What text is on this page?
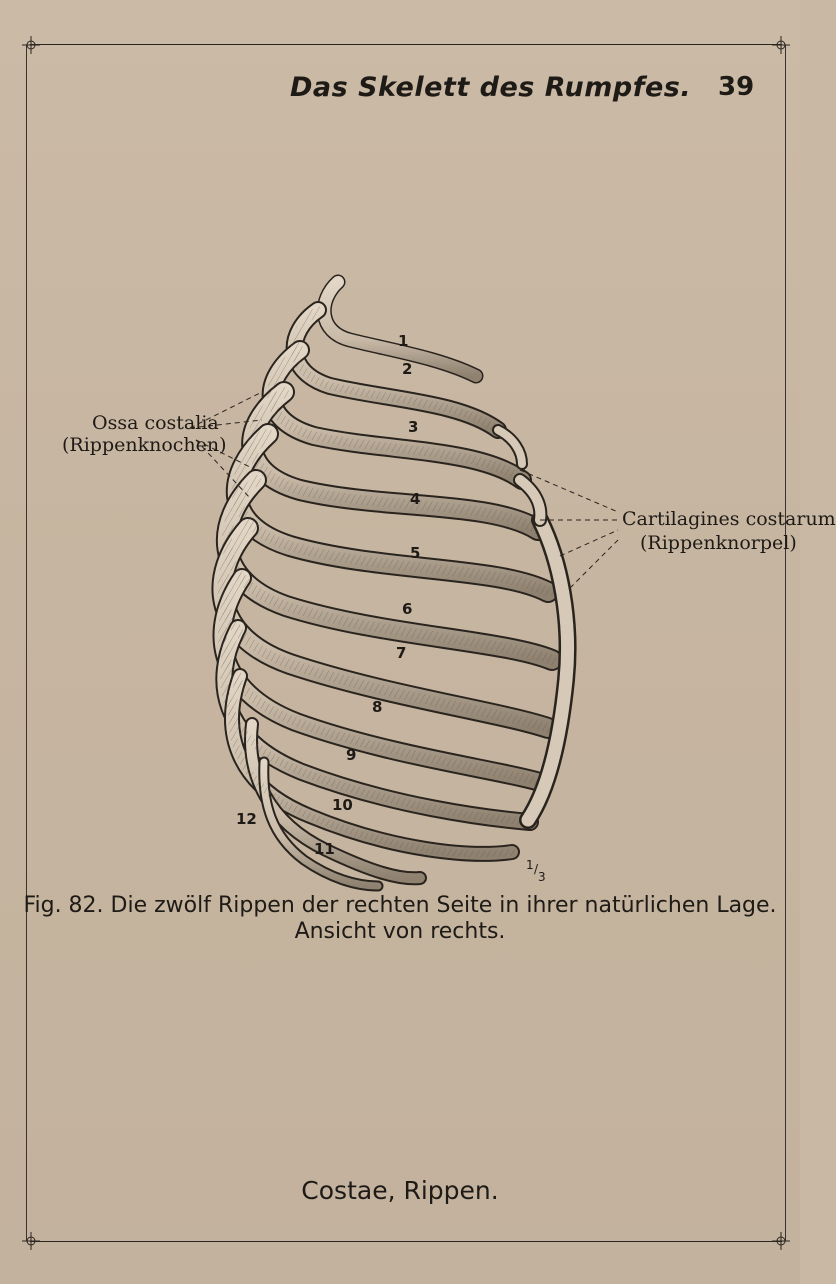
Das Skelett des Rumpfes. 39
Ossa costalia
(Rippenknochen)
Cartilagines costarum
(Rippenknorpel)
1
2
3
4
5
6
7
8
9
10
11
12
1 /
3
Fig. 82. Die zwölf Rippen der rechten Seite in ihrer natürlichen Lage.
Ansicht von rechts.
Costae, Rippen.
